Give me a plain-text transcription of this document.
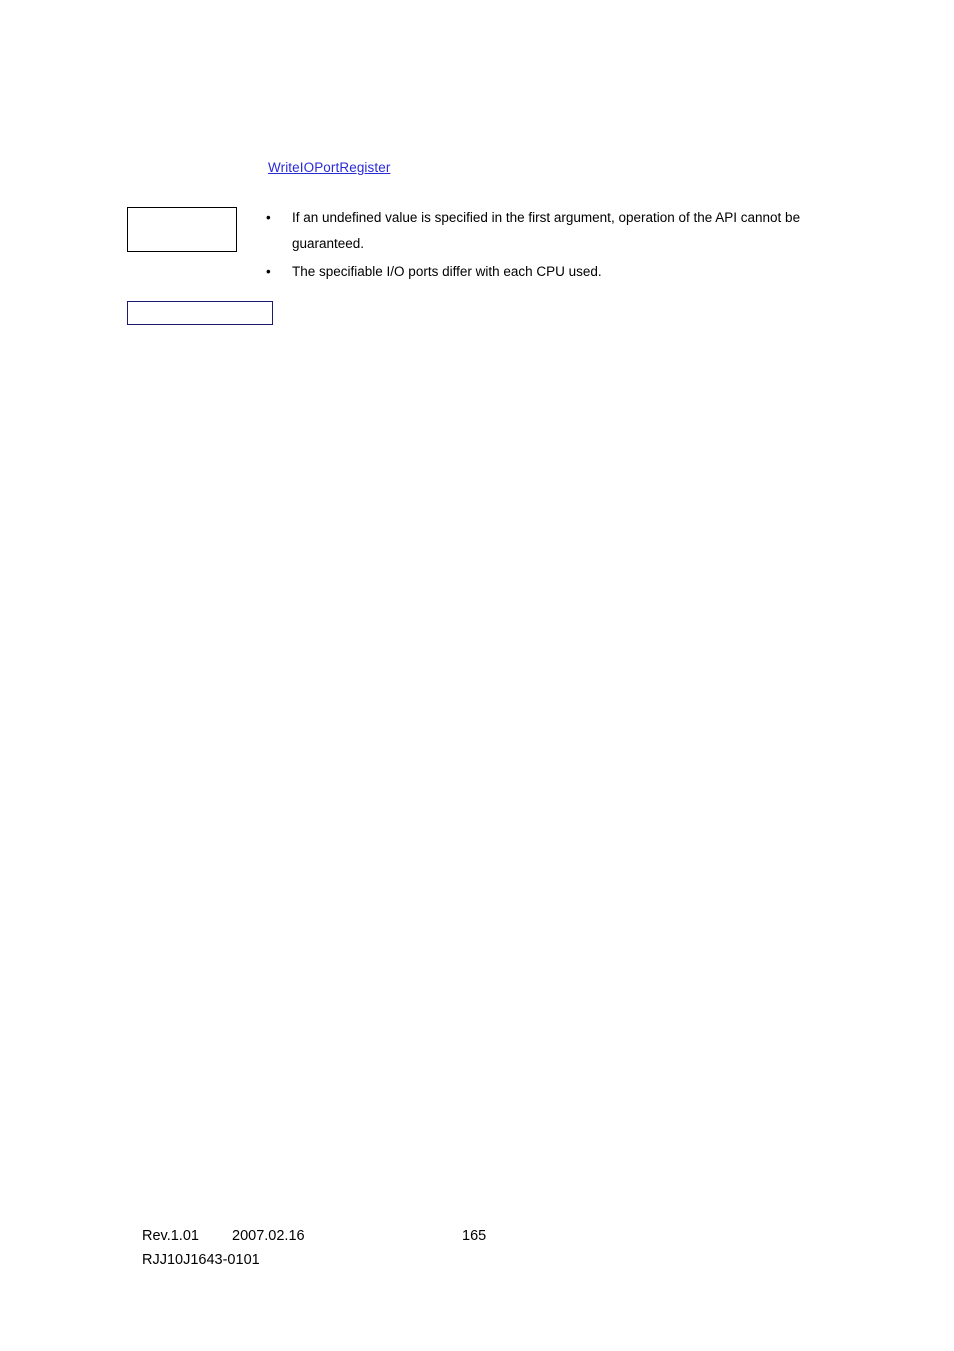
WriteIOPortRegister
• If an undefined value is specified in the first argument, operation of the API cannot be guaranteed.
• The specifiable I/O ports differ with each CPU used.
Rev.1.01 2007.02.16	165
RJJ10J1643-0101
